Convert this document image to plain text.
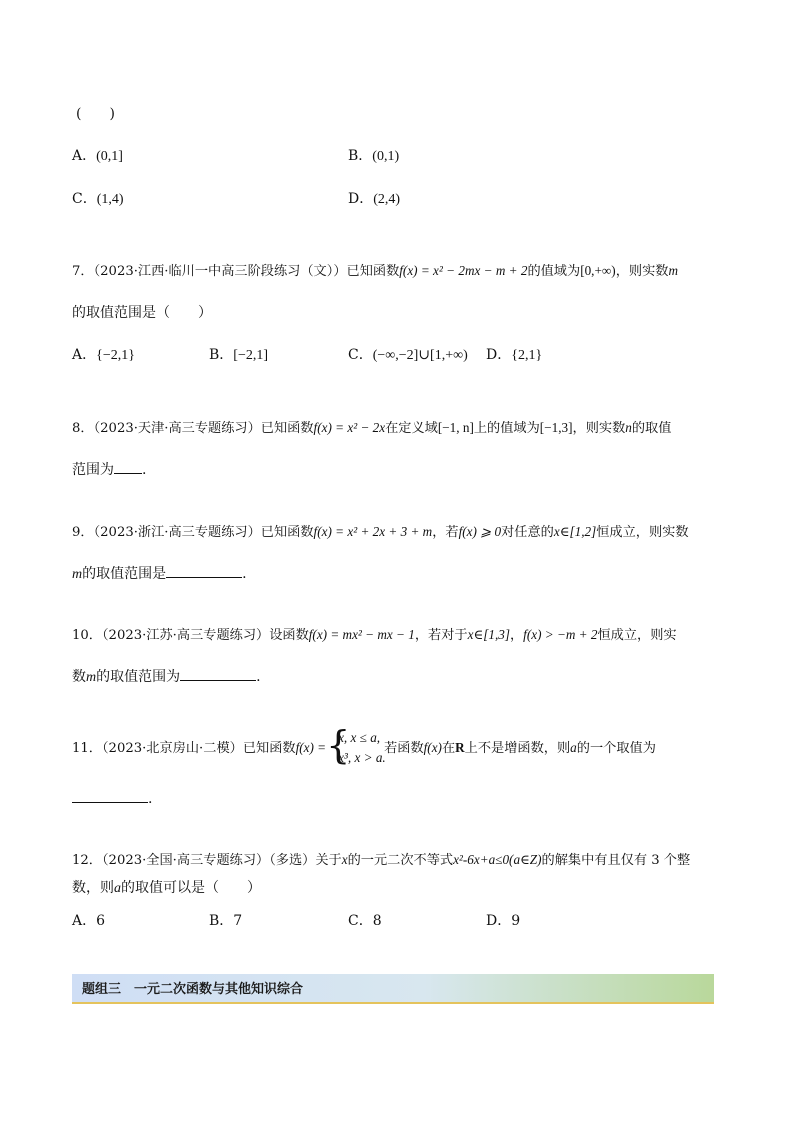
(　　)
A．(0,1]	B．(0,1)
C．(1,4)	D．(2,4)
7．（2023·江西·临川一中高三阶段练习（文））已知函数f(x) = x² − 2mx − m + 2的值域为[0,+∞)，则实数m
的取值范围是（　　）
A．{−2,1}	B．[−2,1]	C．(−∞,−2]∪[1,+∞) D．{2,1}
8．（2023·天津·高三专题练习）已知函数f(x) = x² − 2x在定义域[−1, n]上的值域为[−1,3]，则实数n的取值
范围为 .
9．（2023·浙江·高三专题练习）已知函数f(x) = x² + 2x + 3 + m，若f(x) ⩾ 0对任意的x∈[1,2]恒成立，则实数
m的取值范围是	.
10．（2023·江苏·高三专题练习）设函数f(x) = mx² − mx − 1，若对于x∈[1,3]，f(x) > −m + 2恒成立，则实
数m的取值范围为	.
11．（2023·北京房山·二模）已知函数f(x) = {
x, x ≤ a,
x³, x > a.
若函数f(x)在R上不是增函数，则a的一个取值为
.
12．（2023·全国·高三专题练习）（多选）关于x的一元二次不等式x²-6x+a≤0(a∈Z)的解集中有且仅有 3 个整
数，则a的取值可以是（　　）
A．6	B．7	C．8	D．9
题组三　一元二次函数与其他知识综合
